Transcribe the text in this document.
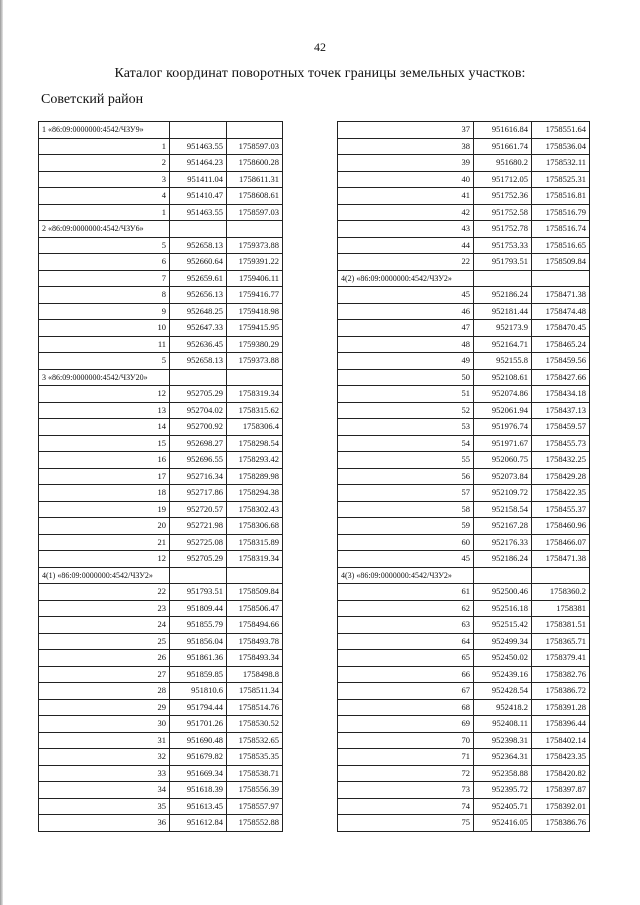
42
Каталог координат поворотных точек границы земельных участков:
Советский район
1 «86:09:0000000:4542/ЧЗУ9»		
1	951463.55	1758597.03
2	951464.23	1758600.28
3	951411.04	1758611.31
4	951410.47	1758608.61
1	951463.55	1758597.03
2 «86:09:0000000:4542/ЧЗУ6»		
5	952658.13	1759373.88
6	952660.64	1759391.22
7	952659.61	1759406.11
8	952656.13	1759416.77
9	952648.25	1759418.98
10	952647.33	1759415.95
11	952636.45	1759380.29
5	952658.13	1759373.88
3 «86:09:0000000:4542/ЧЗУ20»		
12	952705.29	1758319.34
13	952704.02	1758315.62
14	952700.92	1758306.4
15	952698.27	1758298.54
16	952696.55	1758293.42
17	952716.34	1758289.98
18	952717.86	1758294.38
19	952720.57	1758302.43
20	952721.98	1758306.68
21	952725.08	1758315.89
12	952705.29	1758319.34
4(1) «86:09:0000000:4542/ЧЗУ2»		
22	951793.51	1758509.84
23	951809.44	1758506.47
24	951855.79	1758494.66
25	951856.04	1758493.78
26	951861.36	1758493.34
27	951859.85	1758498.8
28	951810.6	1758511.34
29	951794.44	1758514.76
30	951701.26	1758530.52
31	951690.48	1758532.65
32	951679.82	1758535.35
33	951669.34	1758538.71
34	951618.39	1758556.39
35	951613.45	1758557.97
36	951612.84	1758552.88
37	951616.84	1758551.64
38	951661.74	1758536.04
39	951680.2	1758532.11
40	951712.05	1758525.31
41	951752.36	1758516.81
42	951752.58	1758516.79
43	951752.78	1758516.74
44	951753.33	1758516.65
22	951793.51	1758509.84
4(2) «86:09:0000000:4542/ЧЗУ2»		
45	952186.24	1758471.38
46	952181.44	1758474.48
47	952173.9	1758470.45
48	952164.71	1758465.24
49	952155.8	1758459.56
50	952108.61	1758427.66
51	952074.86	1758434.18
52	952061.94	1758437.13
53	951976.74	1758459.57
54	951971.67	1758455.73
55	952060.75	1758432.25
56	952073.84	1758429.28
57	952109.72	1758422.35
58	952158.54	1758455.37
59	952167.28	1758460.96
60	952176.33	1758466.07
45	952186.24	1758471.38
4(3) «86:09:0000000:4542/ЧЗУ2»		
61	952500.46	1758360.2
62	952516.18	1758381
63	952515.42	1758381.51
64	952499.34	1758365.71
65	952450.02	1758379.41
66	952439.16	1758382.76
67	952428.54	1758386.72
68	952418.2	1758391.28
69	952408.11	1758396.44
70	952398.31	1758402.14
71	952364.31	1758423.35
72	952358.88	1758420.82
73	952395.72	1758397.87
74	952405.71	1758392.01
75	952416.05	1758386.76
